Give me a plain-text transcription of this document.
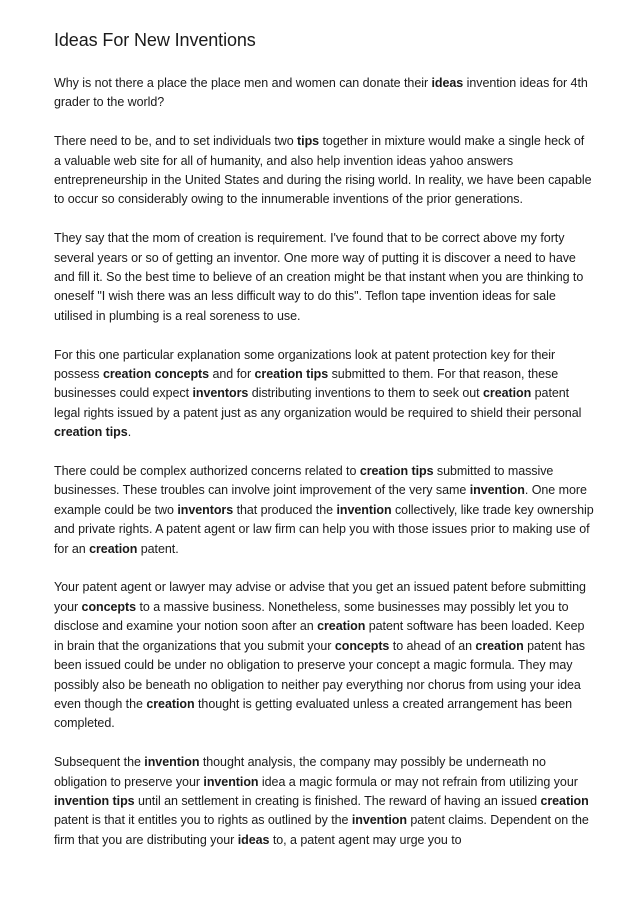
Ideas For New Inventions

Why is not there a place the place men and women can donate their ideas invention ideas for 4th grader to the world?

There need to be, and to set individuals two tips together in mixture would make a single heck of a valuable web site for all of humanity, and also help invention ideas yahoo answers entrepreneurship in the United States and during the rising world. In reality, we have been capable to occur so considerably owing to the innumerable inventions of the prior generations.

They say that the mom of creation is requirement. I've found that to be correct above my forty several years or so of getting an inventor. One more way of putting it is discover a need to have and fill it. So the best time to believe of an creation might be that instant when you are thinking to oneself "I wish there was an less difficult way to do this". Teflon tape invention ideas for sale utilised in plumbing is a real soreness to use.

For this one particular explanation some organizations look at patent protection key for their possess creation concepts and for creation tips submitted to them. For that reason, these businesses could expect inventors distributing inventions to them to seek out creation patent legal rights issued by a patent just as any organization would be required to shield their personal creation tips.

There could be complex authorized concerns related to creation tips submitted to massive businesses. These troubles can involve joint improvement of the very same invention. One more example could be two inventors that produced the invention collectively, like trade key ownership and private rights. A patent agent or law firm can help you with those issues prior to making use of for an creation patent.

Your patent agent or lawyer may advise or advise that you get an issued patent before submitting your concepts to a massive business. Nonetheless, some businesses may possibly let you to disclose and examine your notion soon after an creation patent software has been loaded. Keep in brain that the organizations that you submit your concepts to ahead of an creation patent has been issued could be under no obligation to preserve your concept a magic formula. They may possibly also be beneath no obligation to neither pay everything nor chorus from using your idea even though the creation thought is getting evaluated unless a created arrangement has been completed.

Subsequent the invention thought analysis, the company may possibly be underneath no obligation to preserve your invention idea a magic formula or may not refrain from utilizing your invention tips until an settlement in creating is finished. The reward of having an issued creation patent is that it entitles you to rights as outlined by the invention patent claims. Dependent on the firm that you are distributing your ideas to, a patent agent may urge you to
